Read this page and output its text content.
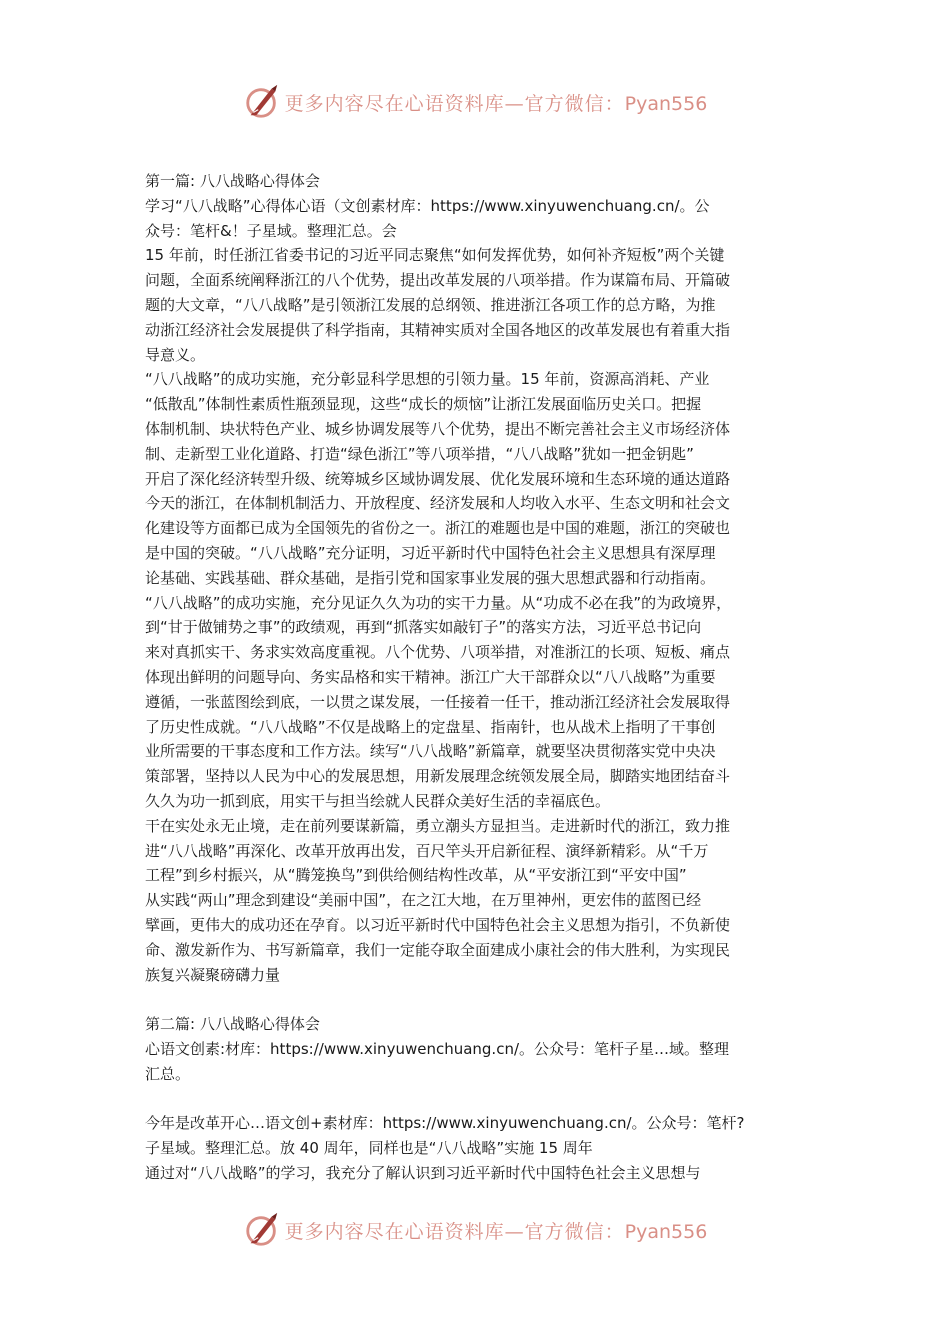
更多内容尽在心语资料库—官方微信：Pyan556
第一篇: 八八战略心得体会
学习“八八战略”心得体心语（文创素材库：https://www.xinyuwenchuang.cn/。公
众号：笔杆&！子星域。整理汇总。会
15 年前，时任浙江省委书记的习近平同志聚焦“如何发挥优势，如何补齐短板”两个关键
问题，全面系统阐释浙江的八个优势，提出改革发展的八项举措。作为谋篇布局、开篇破
题的大文章，“八八战略”是引领浙江发展的总纲领、推进浙江各项工作的总方略，为推
动浙江经济社会发展提供了科学指南，其精神实质对全国各地区的改革发展也有着重大指
导意义。
“八八战略”的成功实施，充分彰显科学思想的引领力量。15 年前，资源高消耗、产业
“低散乱”体制性素质性瓶颈显现，这些“成长的烦恼”让浙江发展面临历史关口。把握
体制机制、块状特色产业、城乡协调发展等八个优势，提出不断完善社会主义市场经济体
制、走新型工业化道路、打造“绿色浙江”等八项举措，“八八战略”犹如一把金钥匙”
开启了深化经济转型升级、统筹城乡区域协调发展、优化发展环境和生态环境的通达道路
今天的浙江，在体制机制活力、开放程度、经济发展和人均收入水平、生态文明和社会文
化建设等方面都已成为全国领先的省份之一。浙江的难题也是中国的难题，浙江的突破也
是中国的突破。“八八战略”充分证明，习近平新时代中国特色社会主义思想具有深厚理
论基础、实践基础、群众基础，是指引党和国家事业发展的强大思想武器和行动指南。
“八八战略”的成功实施，充分见证久久为功的实干力量。从“功成不必在我”的为政境界，
到“甘于做铺势之事”的政绩观，再到“抓落实如敲钉子”的落实方法，习近平总书记向
来对真抓实干、务求实效高度重视。八个优势、八项举措，对准浙江的长项、短板、痛点
体现出鲜明的问题导向、务实品格和实干精神。浙江广大干部群众以“八八战略”为重要
遵循，一张蓝图绘到底，一以贯之谋发展，一任接着一任干，推动浙江经济社会发展取得
了历史性成就。“八八战略”不仅是战略上的定盘星、指南针，也从战术上指明了干事创
业所需要的干事态度和工作方法。续写“八八战略”新篇章，就要坚决贯彻落实党中央决
策部署，坚持以人民为中心的发展思想，用新发展理念统领发展全局，脚踏实地团结奋斗
久久为功一抓到底，用实干与担当绘就人民群众美好生活的幸福底色。
干在实处永无止境，走在前列要谋新篇，勇立潮头方显担当。走进新时代的浙江，致力推
进“八八战略”再深化、改革开放再出发，百尺竿头开启新征程、演绎新精彩。从“千万
工程”到乡村振兴，从“腾笼换鸟”到供给侧结构性改革，从“平安浙江到“平安中国”
从实践“两山”理念到建设“美丽中国”，在之江大地，在万里神州，更宏伟的蓝图已经
擘画，更伟大的成功还在孕育。以习近平新时代中国特色社会主义思想为指引，不负新使
命、激发新作为、书写新篇章，我们一定能夺取全面建成小康社会的伟大胜利，为实现民
族复兴凝聚磅礴力量
第二篇: 八八战略心得体会
心语文创素:材库：https://www.xinyuwenchuang.cn/。公众号：笔杆子星…域。整理
汇总。
今年是改革开心…语文创+素材库：https://www.xinyuwenchuang.cn/。公众号：笔杆?
子星域。整理汇总。放 40 周年，同样也是“八八战略”实施 15 周年
通过对“八八战略”的学习，我充分了解认识到习近平新时代中国特色社会主义思想与
更多内容尽在心语资料库—官方微信：Pyan556
